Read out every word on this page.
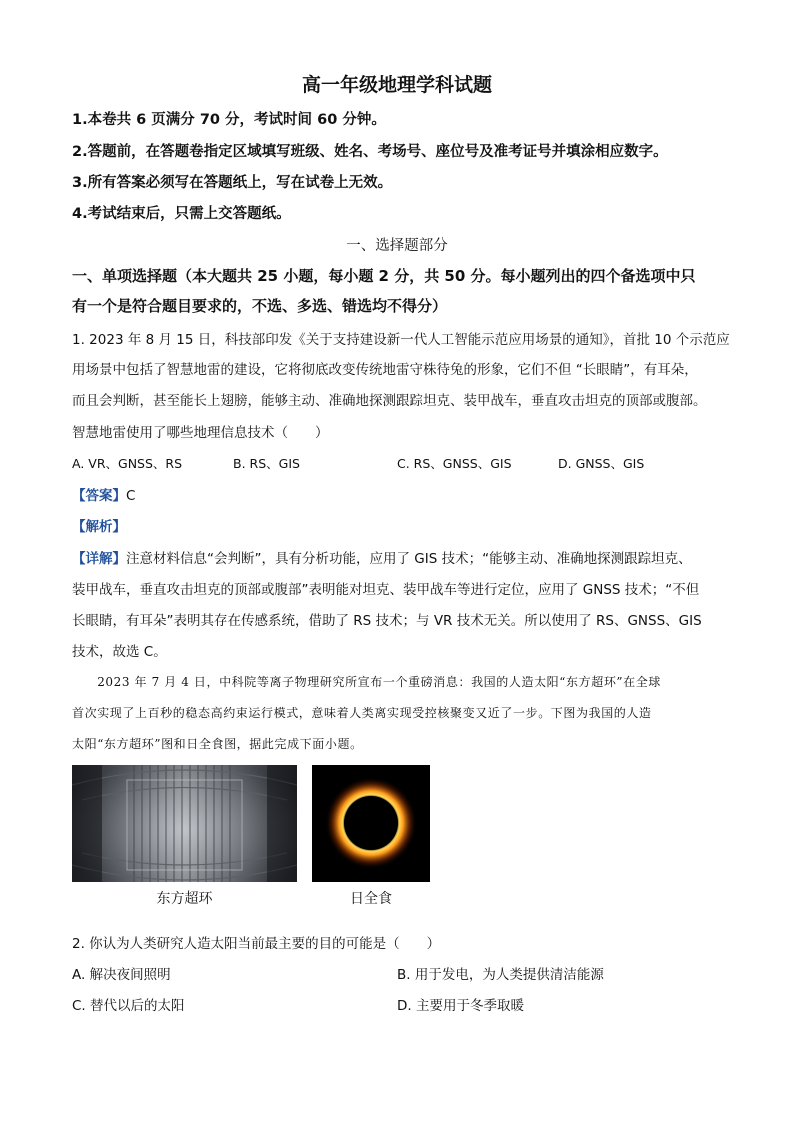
高一年级地理学科试题
1.本卷共 6 页满分 70 分，考试时间 60 分钟。
2.答题前，在答题卷指定区域填写班级、姓名、考场号、座位号及准考证号并填涂相应数字。
3.所有答案必须写在答题纸上，写在试卷上无效。
4.考试结束后，只需上交答题纸。
一、选择题部分
一、单项选择题（本大题共 25 小题，每小题 2 分，共 50 分。每小题列出的四个备选项中只
有一个是符合题目要求的，不选、多选、错选均不得分）
1. 2023 年 8 月 15 日，科技部印发《关于支持建设新一代人工智能示范应用场景的通知》，首批 10 个示范应
用场景中包括了智慧地雷的建设，它将彻底改变传统地雷守株待兔的形象，它们不但 “长眼睛”，有耳朵，
而且会判断，甚至能长上翅膀，能够主动、准确地探测跟踪坦克、装甲战车，垂直攻击坦克的顶部或腹部。
智慧地雷使用了哪些地理信息技术（　　）
A. VR、GNSS、RS	B. RS、GIS	C. RS、GNSS、GIS	D. GNSS、GIS
【答案】C
【解析】
【详解】注意材料信息“会判断”，具有分析功能，应用了 GIS 技术；“能够主动、准确地探测跟踪坦克、
装甲战车，垂直攻击坦克的顶部或腹部”表明能对坦克、装甲战车等进行定位，应用了 GNSS 技术；“不但
长眼睛，有耳朵”表明其存在传感系统，借助了 RS 技术；与 VR 技术无关。所以使用了 RS、GNSS、GIS
技术，故选 C。
　　2023 年 7 月 4 日，中科院等离子物理研究所宣布一个重磅消息：我国的人造太阳“东方超环”在全球
首次实现了上百秒的稳态高约束运行模式，意味着人类离实现受控核聚变又近了一步。下图为我国的人造
太阳“东方超环”图和日全食图，据此完成下面小题。
东方超环	日全食
2. 你认为人类研究人造太阳当前最主要的目的可能是（　　）
A. 解决夜间照明	B. 用于发电，为人类提供清洁能源
C. 替代以后的太阳	D. 主要用于冬季取暖
